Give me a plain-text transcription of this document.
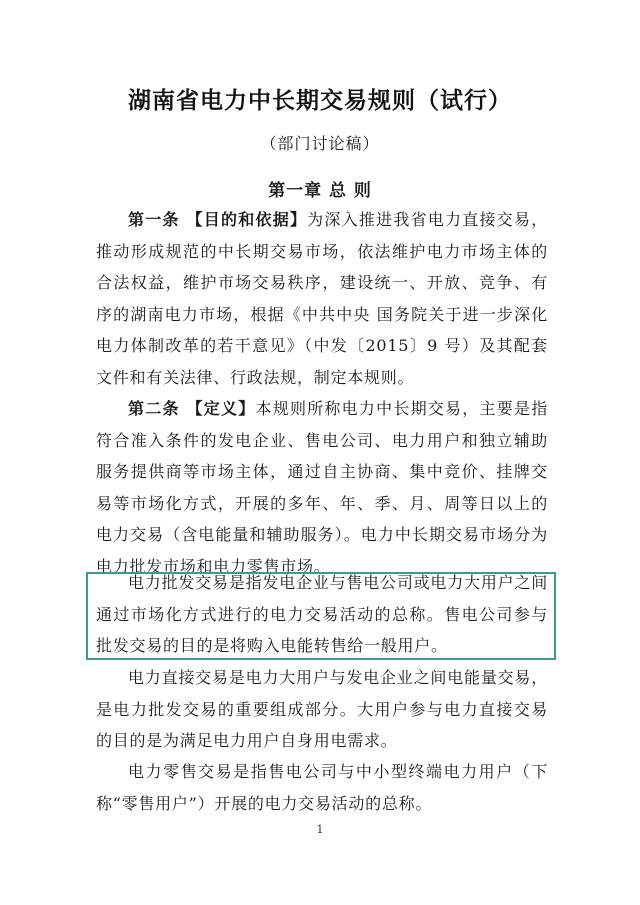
湖南省电力中长期交易规则（试行）
（部门讨论稿）
第一章 总 则

第一条 【目的和依据】为深入推进我省电力直接交易，推动形成规范的中长期交易市场，依法维护电力市场主体的合法权益，维护市场交易秩序，建设统一、开放、竞争、有序的湖南电力市场，根据《中共中央 国务院关于进一步深化电力体制改革的若干意见》（中发〔2015〕9 号）及其配套文件和有关法律、行政法规，制定本规则。

第二条 【定义】本规则所称电力中长期交易，主要是指符合准入条件的发电企业、售电公司、电力用户和独立辅助服务提供商等市场主体，通过自主协商、集中竞价、挂牌交易等市场化方式，开展的多年、年、季、月、周等日以上的电力交易（含电能量和辅助服务）。电力中长期交易市场分为电力批发市场和电力零售市场。

电力批发交易是指发电企业与售电公司或电力大用户之间通过市场化方式进行的电力交易活动的总称。售电公司参与批发交易的目的是将购入电能转售给一般用户。

电力直接交易是电力大用户与发电企业之间电能量交易，是电力批发交易的重要组成部分。大用户参与电力直接交易的目的是为满足电力用户自身用电需求。

电力零售交易是指售电公司与中小型终端电力用户（下称“零售用户”）开展的电力交易活动的总称。

1
